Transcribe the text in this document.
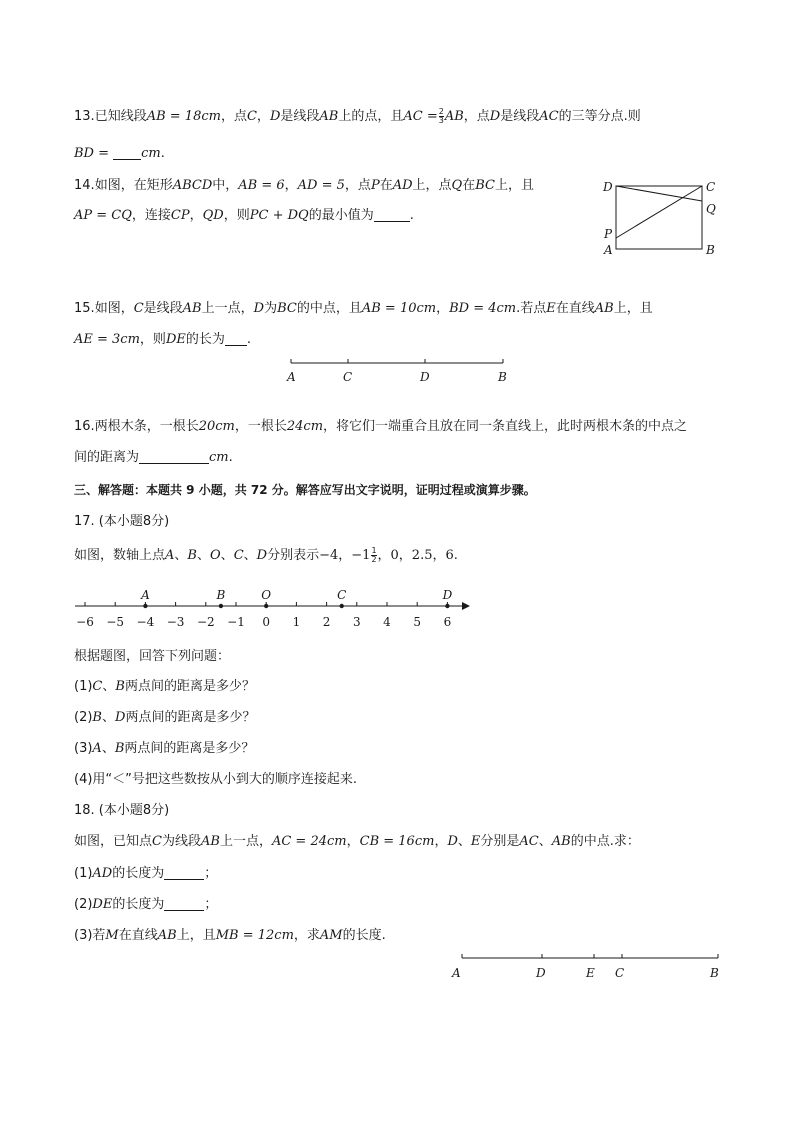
13.已知线段AB = 18cm，点C，D是线段AB上的点，且AC = $\frac{2}{3}$ AB，点D是线段AC的三等分点.则
BD = cm.
14.如图，在矩形ABCD中，AB = 6，AD = 5，点P在AD上，点Q在BC上，且
AP = CQ，连接CP，QD，则PC + DQ的最小值为	.
D	C
Q
P
A	B
15.如图，C是线段AB上一点，D为BC的中点，且AB = 10cm，BD = 4cm.若点E在直线AB上，且
AE = 3cm，则DE的长为 .
A	C	D	B
16.两根木条，一根长20cm，一根长24cm，将它们一端重合且放在同一条直线上，此时两根木条的中点之
间的距离为	cm.
三、解答题：本题共 9 小题，共 72 分。解答应写出文字说明，证明过程或演算步骤。
17. (本小题8分)
如图，数轴上点A、B、O、C、D分别表示−4，$-1 \frac{1}{2}$ ，0，2.5，6.
−6 −5 −4 −3 −2 −1 0 1 2 3 4 5 6
A	B	O	C	D
根据题图，回答下列问题：
(1)C、B两点间的距离是多少？
(2)B、D两点间的距离是多少？
(3)A、B两点间的距离是多少？
(4)用“＜”号把这些数按从小到大的顺序连接起来.
18. (本小题8分)
如图，已知点C为线段AB上一点，AC = 24cm，CB = 16cm，D、E分别是AC、AB的中点.求：
(1)AD的长度为	；
(2)DE的长度为	；
(3)若M在直线AB上，且MB = 12cm，求AM的长度.
A	D	E C	B
